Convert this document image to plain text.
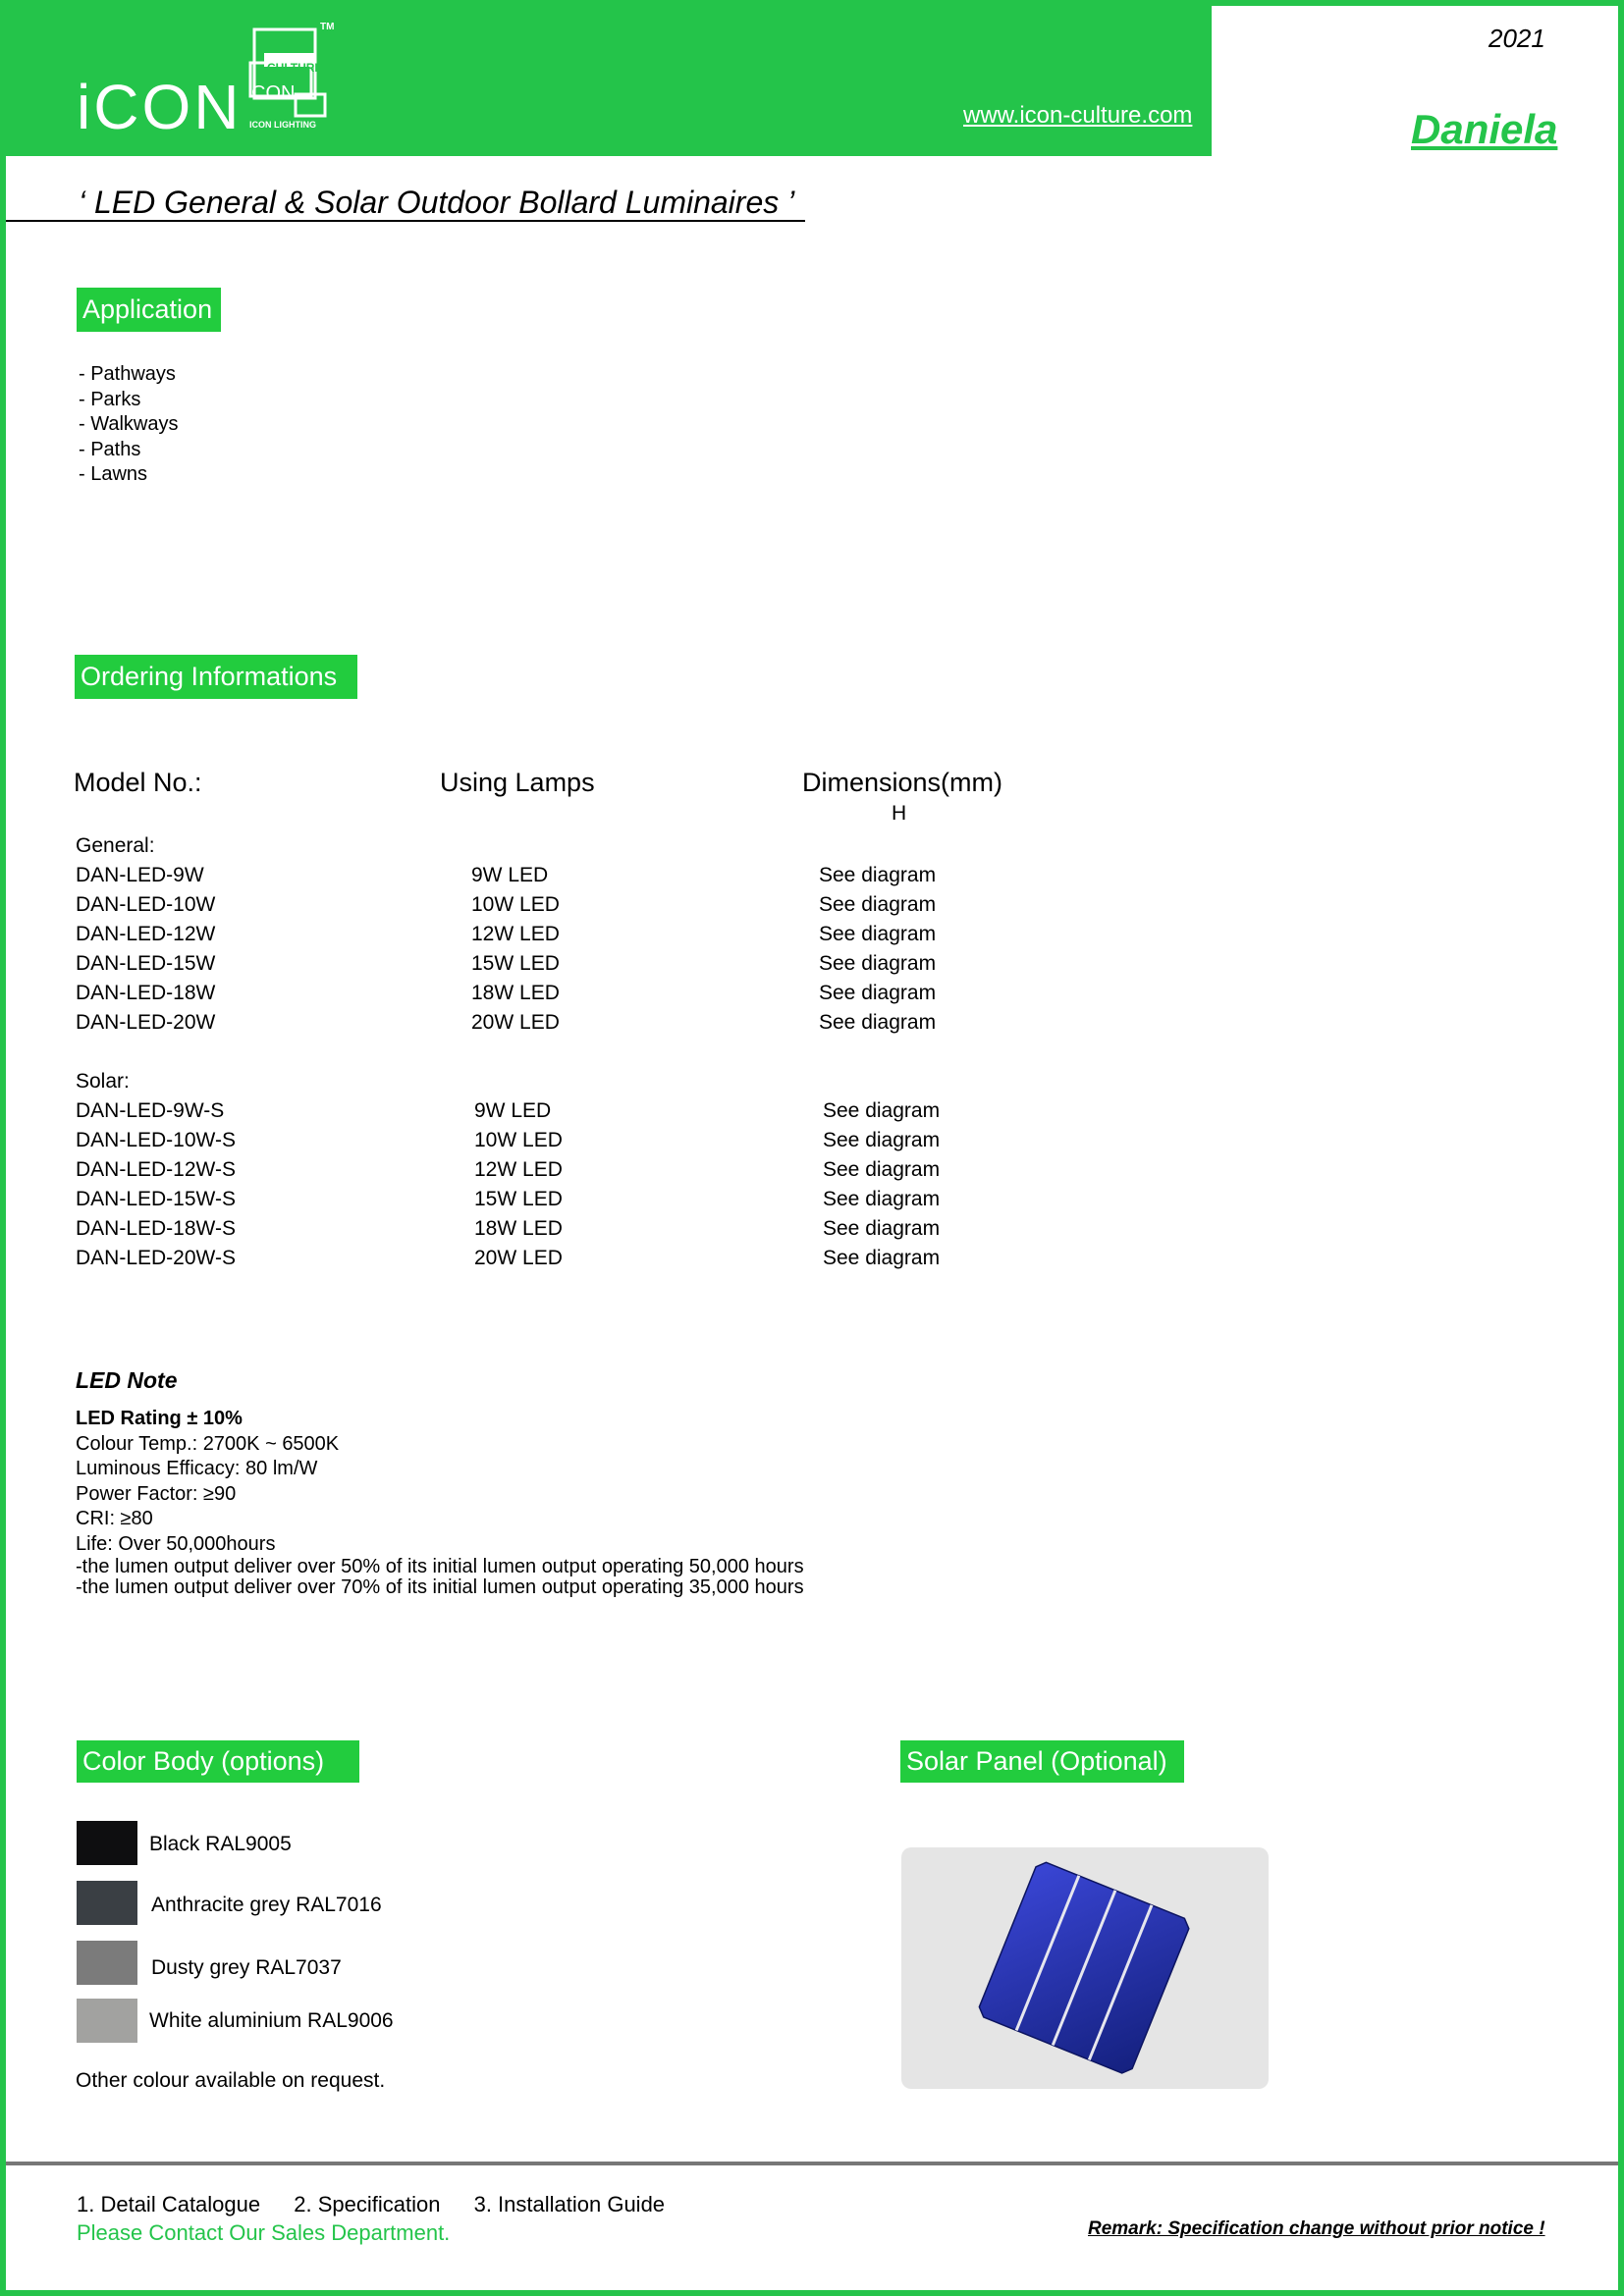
iCON
CULTURE
CON
TM
ICON LIGHTING	www.icon-culture.com
2021
Daniela
‘ LED General & Solar Outdoor Bollard Luminaires ’
Application
- Pathways
- Parks
- Walkways
- Paths
- Lawns
Ordering Informations
Model No.:	Using Lamps	Dimensions(mm)
H
General:
DAN-LED-9W	9W LED	See diagram
DAN-LED-10W	10W LED	See diagram
DAN-LED-12W	12W LED	See diagram
DAN-LED-15W	15W LED	See diagram
DAN-LED-18W	18W LED	See diagram
DAN-LED-20W	20W LED	See diagram
Solar:
DAN-LED-9W-S	9W LED	See diagram
DAN-LED-10W-S	10W LED	See diagram
DAN-LED-12W-S	12W LED	See diagram
DAN-LED-15W-S	15W LED	See diagram
DAN-LED-18W-S	18W LED	See diagram
DAN-LED-20W-S	20W LED	See diagram
LED Note
LED Rating ± 10%
Colour Temp.: 2700K ~ 6500K
Luminous Efficacy: 80 lm/W
Power Factor: ≥90
CRI: ≥80
Life: Over 50,000hours
-the lumen output deliver over 50% of its initial lumen output operating 50,000 hours
-the lumen output deliver over 70% of its initial lumen output operating 35,000 hours
Color Body (options)
Black RAL9005
Anthracite grey RAL7016
Dusty grey RAL7037
White aluminium RAL9006
Other colour available on request.
Solar Panel (Optional)
1. Detail Catalogue 2. Specification 3. Installation Guide
Please Contact Our Sales Department.	Remark: Specification change without prior notice !
